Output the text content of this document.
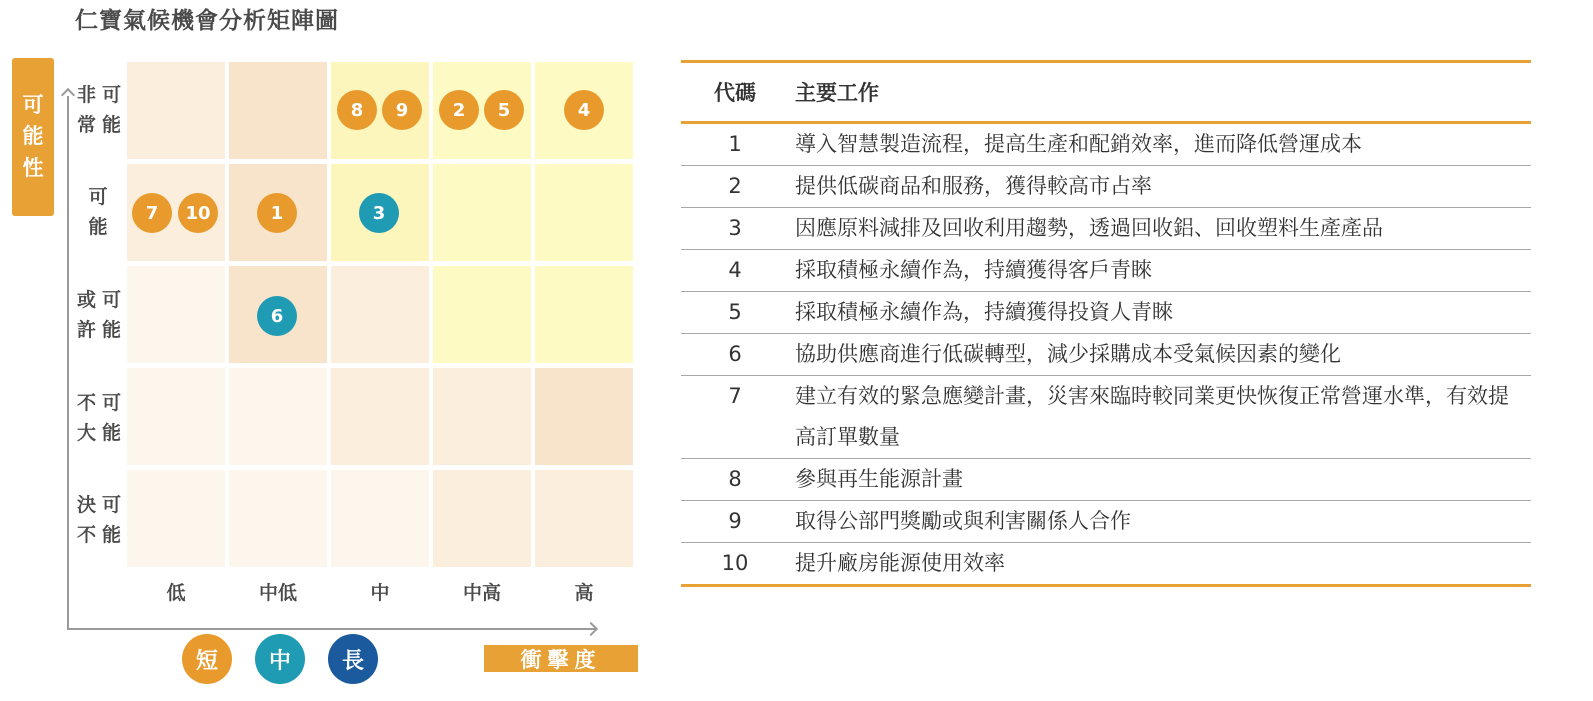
仁寶氣候機會分析矩陣圖
可
能
性
非 可
常 能
可
能
或 可
許 能
不 可
大 能
決 可
不 能
8	9	2	5	4
7	10	1	3
6
低	中低	中	中高	高
短	中	長	衝擊度
代碼	主要工作
1	導入智慧製造流程，提高生產和配銷效率，進而降低營運成本
2	提供低碳商品和服務，獲得較高市占率
3	因應原料減排及回收利用趨勢，透過回收鋁、回收塑料生產產品
4	採取積極永續作為，持續獲得客戶青睞
5	採取積極永續作為，持續獲得投資人青睞
6	協助供應商進行低碳轉型，減少採購成本受氣候因素的變化
7	建立有效的緊急應變計畫，災害來臨時較同業更快恢復正常營運水準，有效提高訂單數量
8	參與再生能源計畫
9	取得公部門獎勵或與利害關係人合作
10	提升廠房能源使用效率
